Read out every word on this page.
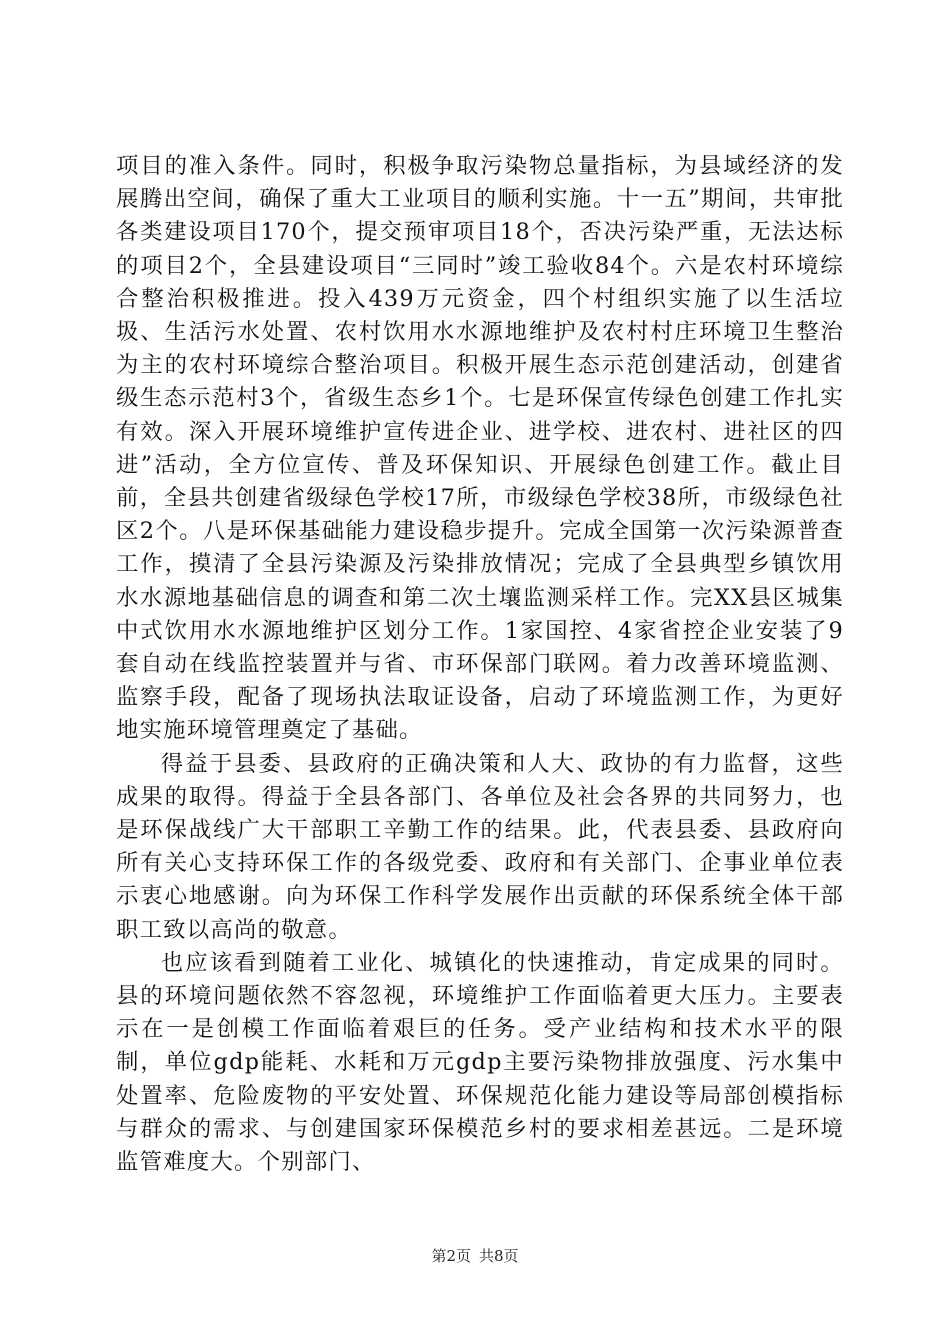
项目的准入条件。同时，积极争取污染物总量指标，为县域经济的发展腾出空间，确保了重大工业项目的顺利实施。十一五”期间，共审批各类建设项目170个，提交预审项目18个，否决污染严重，无法达标的项目2个，全县建设项目“三同时”竣工验收84个。六是农村环境综合整治积极推进。投入439万元资金，四个村组织实施了以生活垃圾、生活污水处置、农村饮用水水源地维护及农村村庄环境卫生整治为主的农村环境综合整治项目。积极开展生态示范创建活动，创建省级生态示范村3个，省级生态乡1个。七是环保宣传绿色创建工作扎实有效。深入开展环境维护宣传进企业、进学校、进农村、进社区的四进”活动，全方位宣传、普及环保知识、开展绿色创建工作。截止目前，全县共创建省级绿色学校17所，市级绿色学校38所，市级绿色社区2个。八是环保基础能力建设稳步提升。完成全国第一次污染源普查工作，摸清了全县污染源及污染排放情况；完成了全县典型乡镇饮用水水源地基础信息的调查和第二次土壤监测采样工作。完XX县区城集中式饮用水水源地维护区划分工作。1家国控、4家省控企业安装了9套自动在线监控装置并与省、市环保部门联网。着力改善环境监测、监察手段，配备了现场执法取证设备，启动了环境监测工作，为更好地实施环境管理奠定了基础。

得益于县委、县政府的正确决策和人大、政协的有力监督，这些成果的取得。得益于全县各部门、各单位及社会各界的共同努力，也是环保战线广大干部职工辛勤工作的结果。此，代表县委、县政府向所有关心支持环保工作的各级党委、政府和有关部门、企事业单位表示衷心地感谢。向为环保工作科学发展作出贡献的环保系统全体干部职工致以高尚的敬意。

也应该看到随着工业化、城镇化的快速推动，肯定成果的同时。县的环境问题依然不容忽视，环境维护工作面临着更大压力。主要表示在一是创模工作面临着艰巨的任务。受产业结构和技术水平的限制，单位gdp能耗、水耗和万元gdp主要污染物排放强度、污水集中处置率、危险废物的平安处置、环保规范化能力建设等局部创模指标与群众的需求、与创建国家环保模范乡村的要求相差甚远。二是环境监管难度大。个别部门、

第2页 共8页
